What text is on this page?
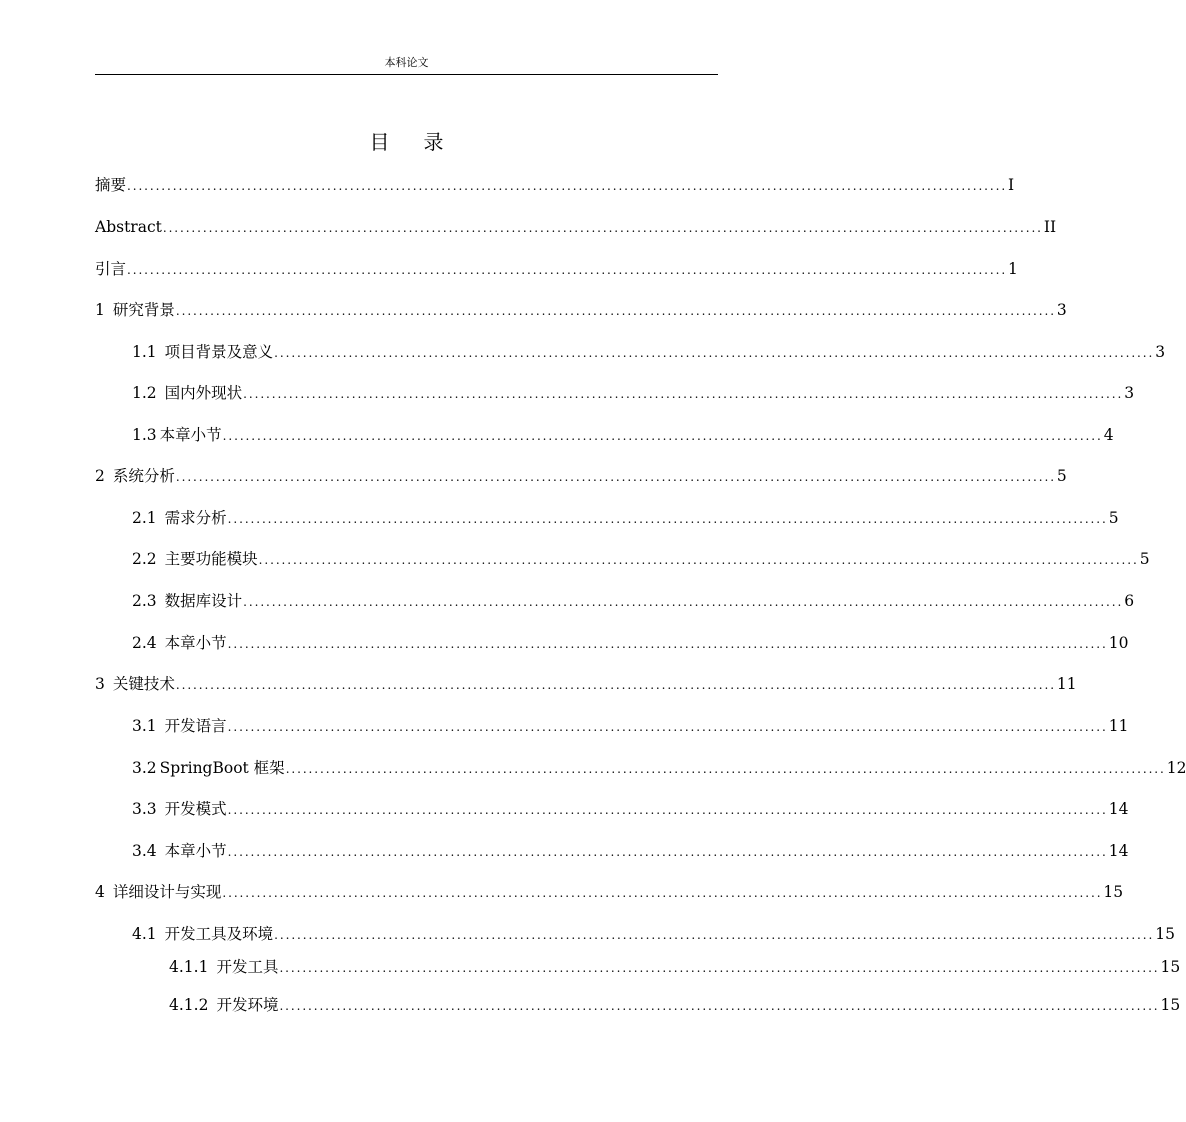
本科论文
目 录
摘要 .......................................................................................................................................................... I
Abstract .......................................................................................................................................................... II
引言 .......................................................................................................................................................... 1
1 研究背景 .......................................................................................................................................................... 3
1.1 项目背景及意义 .......................................................................................................................................................... 3
1.2 国内外现状 .......................................................................................................................................................... 3
1.3 本章小节 .......................................................................................................................................................... 4
2 系统分析 .......................................................................................................................................................... 5
2.1 需求分析 .......................................................................................................................................................... 5
2.2 主要功能模块 .......................................................................................................................................................... 5
2.3 数据库设计 .......................................................................................................................................................... 6
2.4 本章小节 .......................................................................................................................................................... 10
3 关键技术 .......................................................................................................................................................... 11
3.1 开发语言 .......................................................................................................................................................... 11
3.2 SpringBoot 框架 .......................................................................................................................................................... 12
3.3 开发模式 .......................................................................................................................................................... 14
3.4 本章小节 .......................................................................................................................................................... 14
4 详细设计与实现 .......................................................................................................................................................... 15
4.1 开发工具及环境 .......................................................................................................................................................... 15
4.1.1 开发工具 .......................................................................................................................................................... 15
4.1.2 开发环境 .......................................................................................................................................................... 15
